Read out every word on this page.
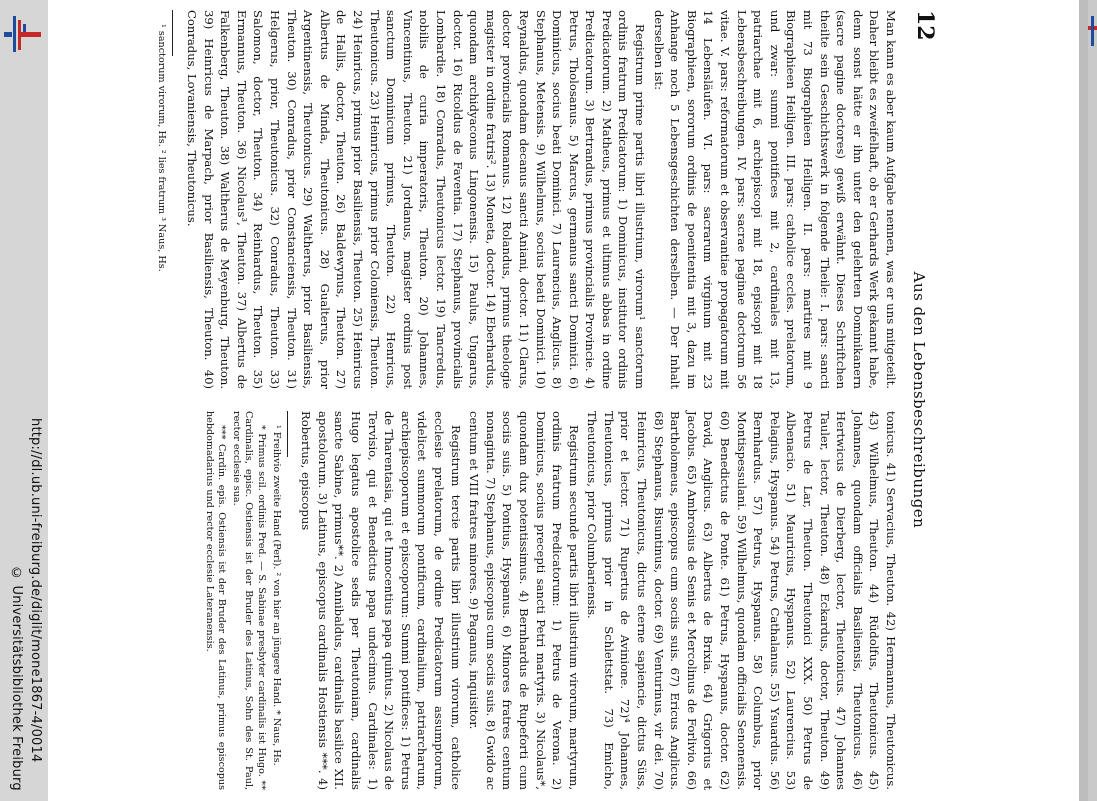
http://dl.ub.uni-freiburg.de/diglit/mone1867-4/0014
© Universitätsbibliothek Freiburg
12
Aus den Lebensbeschreibungen

Man kann es aber kaum Aufgabe nennen, was er uns mitgeteilt. Daher bleibt es zweifelhaft, ob er Gerhards Werk gekannt habe, denn sonst hätte er ihn unter den gelehrten Dominikanern (sacre pagine doctores) gewiß erwähnt. Dieses Schriftchen theilte sein Geschichtswerk in folgende Theile: I. pars: sancti mit 73 Biographieen Heiligen. II. pars: martires mit 9 Biographieen Heiligen. III. pars: catholice eccles. prelatorum, und zwar: summi pontifices mit 2, cardinales mit 13, patriarchae mit 6, archiepiscopi mit 18, episcopi mit 18 Lebensbeschreibungen. IV. pars: sacrae paginae doctorum 56 vitae. V. pars: reformatorum et observantiae propagatorum mit 14 Lebensläufen. VI. pars: sacrarum virginum mit 23 Biographieen, sororum ordinis de poenitentia mit 3, dazu im Anhange noch 5 Lebensgeschichten derselben. — Der Inhalt derselben ist:

Registrum prime partis libri illustrium, virorum¹ sanctorum ordinis fratrum Predicatorum: 1) Dominicus, institutor ordinis Predicatorum. 2) Matheus, primus et ultimus abbas in ordine Predicatorum. 3) Bertrandus, primus provincialis Provincie. 4) Petrus, Tholosanus. 5) Marcus, germanus sancti Dominici. 6) Dominicus, socius beati Dominici. 7) Laurencius, Anglicus. 8) Stephanus, Metensis. 9) Wilhelmus, socius beati Dominici. 10) Reynaldus, quondam decanus sancti Aniani, doctor. 11) Clarus, doctor provincialis Romanus. 12) Rolandus, primus theologie magister in ordine fratris². 13) Moneta, doctor. 14) Eberhardus, quondam archidyaconus Lingonensis. 15) Paulus, Ungarus, doctor. 16) Ricoldus de Faventia. 17) Stephanus, provincialis Lombardie. 18) Conradus, Theutonicus lector. 19) Tancredus, nobilis de curia imperatoris, Theuton. 20) Johannes, Vincentinus, Theuton. 21) Jordanus, magister ordinis post sanctum Dominicum primus, Theuton. 22) Henricus, Theutonicus. 23) Heinricus, primus prior Coloniensis, Theuton. 24) Heinricus, primus prior Basiliensis, Theuton. 25) Heinricus de Hallis, doctor, Theuton. 26) Baldewynus, Theuton. 27) Albertus de Minda, Theutonicus. 28) Gualterus, prior Argentinensis, Theutonicus. 29) Waltherus, prior Basiliensis, Theuton. 30) Conradus, prior Constanciensis, Theuton. 31) Helgerus, prior, Theutonicus. 32) Conradus, Theuton. 33) Salomon, doctor, Theuton. 34) Reinhardus, Theuton. 35) Ermannus, Theuton. 36) Nicolaus³, Theuton. 37) Albertus de Falkenberg, Theuton. 38) Waltherus de Meyenburg, Theuton. 39) Heinricus de Marpach, prior Basiliensis, Theuton. 40) Conradus, Lovaniensis, Theutonicus.

¹ sanctorum virorum, Hs. ² lies fratrum ³ Naus, Hs.

tonicus. 41) Servacius, Theuton. 42) Hermannus, Theutonicus. 43) Wilhelmus, Theuton. 44) Rüdolfus, Theutonicus. 45) Johannes, quondam officialis Basiliensis, Theutonicus. 46) Hertwicus de Dierberg, lector, Theutonicus. 47) Johannes Tauler, lector, Theuton. 48) Eckardus, doctor, Theuton. 49) Petrus de Lar, Theuton. Theutonici XXX. 50) Petrus de Albenacio. 51) Mauricius, Hyspanus. 52) Laurencius. 53) Pelagius, Hyspanus. 54) Petrus, Cathalanus. 55) Ysuardus. 56) Bernhardus. 57) Petrus, Hyspanus. 58) Columbus, prior Montispessulani. 59) Wilhelmus, quondam officialis Senonensis. 60) Benedictus de Ponte. 61) Petrus, Hyspanus, doctor. 62) David, Anglicus. 63) Albertus de Brixia. 64) Grigorius et Jacobus. 65) Ambrosius de Senis et Mercolinus de Forlivio. 66) Bartholomeus, episcopus cum sociis suis. 67) Ericus Anglicus. 68) Stephanus, Bisuntinus, doctor. 69) Venturinus, vir dei. 70) Heinricus, Theutonicus, dictus eterne sapiencie, dictus Süss, prior et lector. 71) Rupertus de Avinione. 72)⁴ Johannes, Theutonicus, primus prior in Schlettstat. 73) Emicho, Theutonicus, prior Columbariensis.

Registrum secunde partis libri illustrium virorum, martyrum, ordinis fratrum Predicatorum: 1) Petrus de Verona. 2) Dominicus, socius precepti sancti Petri martyris. 3) Nicolaus*, quondam dux potentissimus. 4) Bernhardus de Rupeforti cum sociis suis. 5) Pontius, Hyspanus. 6) Minores fratres centum nonaginta. 7) Stephanus, episcopus cum sociis suis. 8) Gwido ac centum et VIII fratres minores. 9) Paganus, inquisitor.

Registrum tercie partis libri illustrium virorum, catholice ecclesie prelatorum, de ordine Predicatorum assumptorum, videlicet summorum pontificum, cardinalium, patriarcharum, archiepiscoporum et episcoporum: Summi pontifices: 1) Petrus de Tharentasia, qui et Innocentius papa quintus. 2) Nicolaus de Tervisio, qui et Benedictus papa undecimus. Cardinales: 1) Hugo legatus apostolice sedis per Theutoniam, cardinalis sancte Sabine, primus**. 2) Annibaldus, cardinalis basilice XII. apostolorum. 3) Latinus, episcopus cardinalis Hostiensis ***. 4) Robertus, episcopus

¹ Freihvio zweite Hand (Perl). ² von hier an jüngere Hand. * Naus, Hs.

* Primus scil. ordinis Pred. — S. Sabinae presbyter cardinalis ist Hugo. ** Cardinalis, episc. Ostiensis ist der Bruder des Latinus, Sohn des St. Paul, rector ecclesie sua.

*** Cardin. epis. Ostiensis ist der Bruder des Latinus, primus episcopus hebdomadarius und rector ecclesie Lateranensis.
